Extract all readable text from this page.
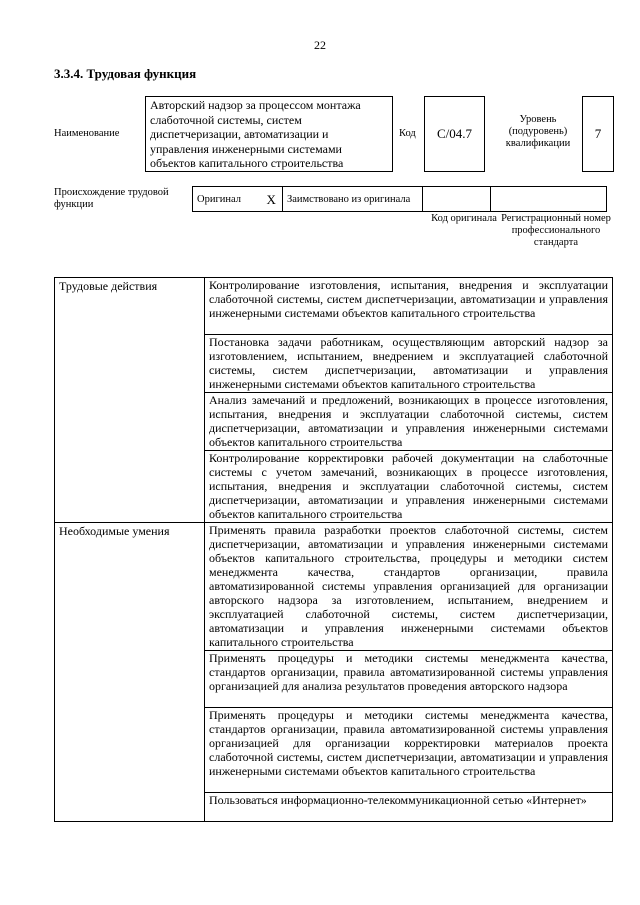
22
3.3.4. Трудовая функция
Наименование
Авторский надзор за процессом монтажа слаботочной системы, систем диспетчеризации, автоматизации и управления инженерными системами объектов капитального строительства
Код	C/04.7
Уровень (подуровень) квалификации
7
Происхождение трудовой функции	Оригинал	X	Заимствовано из оригинала		
Код оригинала Регистрационный номер профессионального стандарта
Трудовые действия	Контролирование изготовления, испытания, внедрения и эксплуатации слаботочной системы, систем диспетчеризации, автоматизации и управления инженерными системами объектов капитального строительства
	Постановка задачи работникам, осуществляющим авторский надзор за изготовлением, испытанием, внедрением и эксплуатацией слаботочной системы, систем диспетчеризации, автоматизации и управления инженерными системами объектов капитального строительства
	Анализ замечаний и предложений, возникающих в процессе изготовления, испытания, внедрения и эксплуатации слаботочной системы, систем диспетчеризации, автоматизации и управления инженерными системами объектов капитального строительства
	Контролирование корректировки рабочей документации на слаботочные системы с учетом замечаний, возникающих в процессе изготовления, испытания, внедрения и эксплуатации слаботочной системы, систем диспетчеризации, автоматизации и управления инженерными системами объектов капитального строительства
Необходимые умения	Применять правила разработки проектов слаботочной системы, систем диспетчеризации, автоматизации и управления инженерными системами объектов капитального строительства, процедуры и методики систем менеджмента качества, стандартов организации, правила автоматизированной системы управления организацией для организации авторского надзора за изготовлением, испытанием, внедрением и эксплуатацией слаботочной системы, систем диспетчеризации, автоматизации и управления инженерными системами объектов капитального строительства
	Применять процедуры и методики системы менеджмента качества, стандартов организации, правила автоматизированной системы управления организацией для анализа результатов проведения авторского надзора
	Применять процедуры и методики системы менеджмента качества, стандартов организации, правила автоматизированной системы управления организацией для организации корректировки материалов проекта слаботочной системы, систем диспетчеризации, автоматизации и управления инженерными системами объектов капитального строительства
	Пользоваться информационно-телекоммуникационной сетью «Интернет»
